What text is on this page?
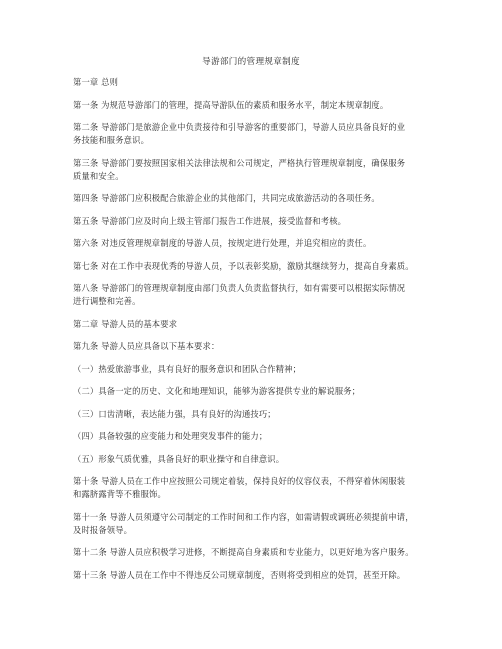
导游部门的管理规章制度

第一章 总则

第一条 为规范导游部门的管理，提高导游队伍的素质和服务水平，制定本规章制度。

第二条 导游部门是旅游企业中负责接待和引导游客的重要部门，导游人员应具备良好的业
务技能和服务意识。

第三条 导游部门要按照国家相关法律法规和公司规定，严格执行管理规章制度，确保服务
质量和安全。

第四条 导游部门应积极配合旅游企业的其他部门，共同完成旅游活动的各项任务。

第五条 导游部门应及时向上级主管部门报告工作进展，接受监督和考核。

第六条 对违反管理规章制度的导游人员，按规定进行处理，并追究相应的责任。

第七条 对在工作中表现优秀的导游人员，予以表彰奖励，激励其继续努力，提高自身素质。

第八条 导游部门的管理规章制度由部门负责人负责监督执行，如有需要可以根据实际情况
进行调整和完善。

第二章 导游人员的基本要求

第九条 导游人员应具备以下基本要求：

（一）热爱旅游事业，具有良好的服务意识和团队合作精神；

（二）具备一定的历史、文化和地理知识，能够为游客提供专业的解说服务；

（三）口齿清晰，表达能力强，具有良好的沟通技巧；

（四）具备较强的应变能力和处理突发事件的能力；

（五）形象气质优雅，具备良好的职业操守和自律意识。

第十条 导游人员在工作中应按照公司规定着装，保持良好的仪容仪表，不得穿着休闲服装
和露脐露背等不雅服饰。

第十一条 导游人员须遵守公司制定的工作时间和工作内容，如需请假或调班必须提前申请，
及时报备领导。

第十二条 导游人员应积极学习进修，不断提高自身素质和专业能力，以更好地为客户服务。

第十三条 导游人员在工作中不得违反公司规章制度，否则将受到相应的处罚，甚至开除。
